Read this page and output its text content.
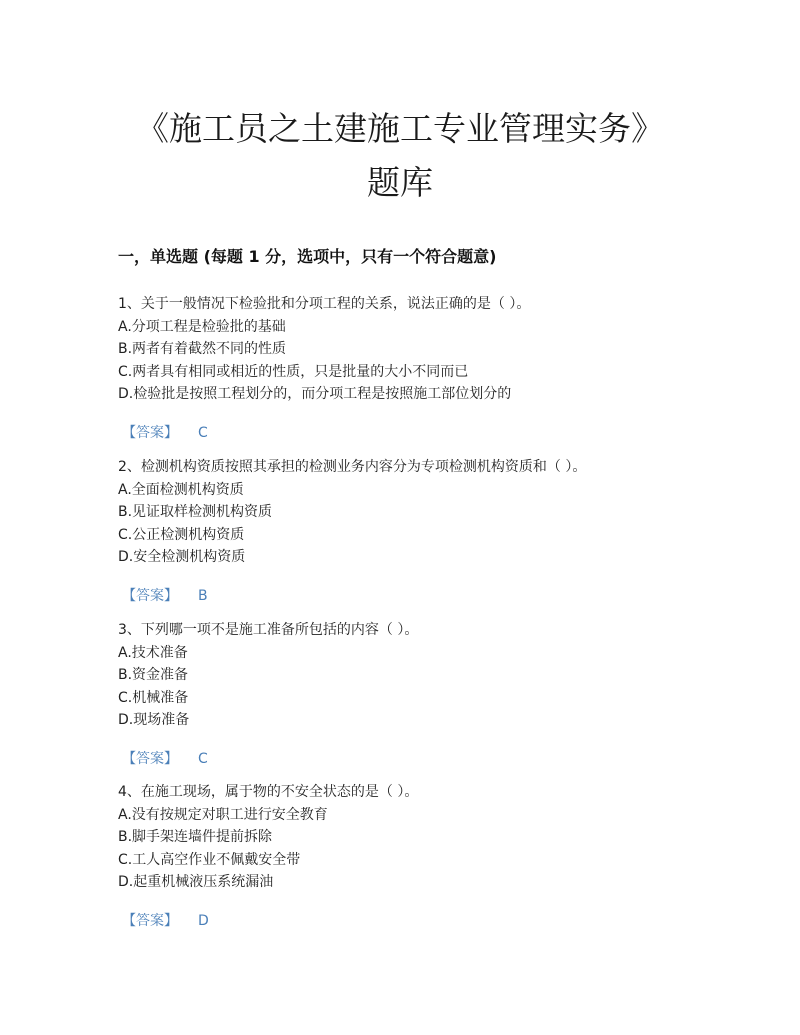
《施工员之土建施工专业管理实务》
题库
一，单选题 (每题 1 分，选项中，只有一个符合题意)
1、关于一般情况下检验批和分项工程的关系，说法正确的是（ ）。
A.分项工程是检验批的基础
B.两者有着截然不同的性质
C.两者具有相同或相近的性质，只是批量的大小不同而已
D.检验批是按照工程划分的，而分项工程是按照施工部位划分的
【答案】 C
2、检测机构资质按照其承担的检测业务内容分为专项检测机构资质和（ ）。
A.全面检测机构资质
B.见证取样检测机构资质
C.公正检测机构资质
D.安全检测机构资质
【答案】 B
3、下列哪一项不是施工准备所包括的内容（ ）。
A.技术准备
B.资金准备
C.机械准备
D.现场准备
【答案】 C
4、在施工现场，属于物的不安全状态的是（ ）。
A.没有按规定对职工进行安全教育
B.脚手架连墙件提前拆除
C.工人高空作业不佩戴安全带
D.起重机械液压系统漏油
【答案】 D
